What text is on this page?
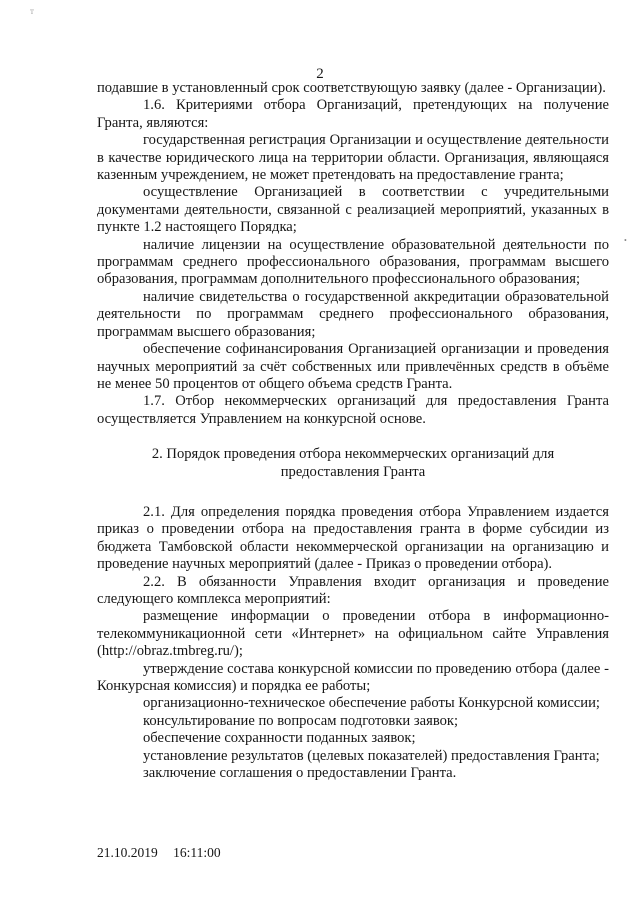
т
•
2

подавшие в установленный срок соответствующую заявку (далее - Организации).

1.6. Критериями отбора Организаций, претендующих на получение Гранта, являются:

государственная регистрация Организации и осуществление деятельности в качестве юридического лица на территории области. Организация, являющаяся казенным учреждением, не может претендовать на предоставление гранта;

осуществление Организацией в соответствии с учредительными документами деятельности, связанной с реализацией мероприятий, указанных в пункте 1.2 настоящего Порядка;

наличие лицензии на осуществление образовательной деятельности по программам среднего профессионального образования, программам высшего образования, программам дополнительного профессионального образования;

наличие свидетельства о государственной аккредитации образовательной деятельности по программам среднего профессионального образования, программам высшего образования;

обеспечение софинансирования Организацией организации и проведения научных мероприятий за счёт собственных или привлечённых средств в объёме не менее 50 процентов от общего объема средств Гранта.

1.7. Отбор некоммерческих организаций для предоставления Гранта осуществляется Управлением на конкурсной основе.

2. Порядок проведения отбора некоммерческих организаций для предоставления Гранта

2.1. Для определения порядка проведения отбора Управлением издается приказ о проведении отбора на предоставления гранта в форме субсидии из бюджета Тамбовской области некоммерческой организации на организацию и проведение научных мероприятий (далее - Приказ о проведении отбора).

2.2. В обязанности Управления входит организация и проведение следующего комплекса мероприятий:

размещение информации о проведении отбора в информационно-телекоммуникационной сети «Интернет» на официальном сайте Управления (http://obraz.tmbreg.ru/);

утверждение состава конкурсной комиссии по проведению отбора (далее - Конкурсная комиссия) и порядка ее работы;

организационно-техническое обеспечение работы Конкурсной комиссии;

консультирование по вопросам подготовки заявок;

обеспечение сохранности поданных заявок;

установление результатов (целевых показателей) предоставления Гранта;

заключение соглашения о предоставлении Гранта.

21.10.2019 16:11:00
